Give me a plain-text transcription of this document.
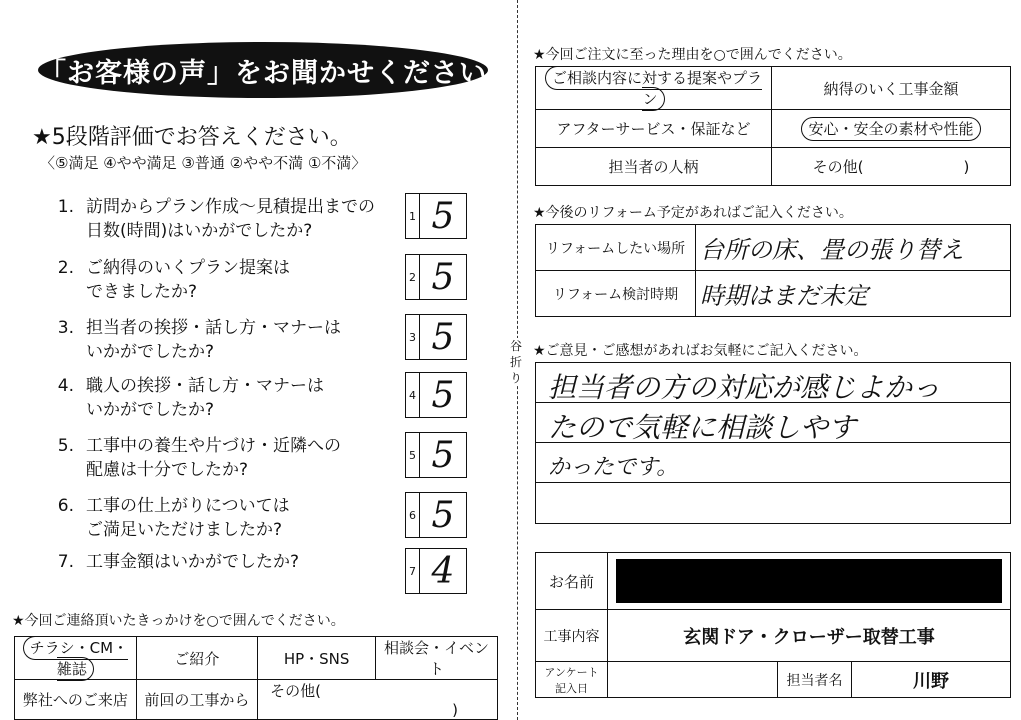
「お客様の声」をお聞かせください
★5段階評価でお答えください。
〈⑤満足 ④やや満足 ③普通 ②やや不満 ①不満〉
1. 訪問からプラン作成〜見積提出までの
日数(時間)はいかがでしたか?
1 5
2. ご納得のいくプラン提案は
できましたか?
2 5
3. 担当者の挨拶・話し方・マナーは
いかがでしたか?
3 5
4. 職人の挨拶・話し方・マナーは
いかがでしたか?
4 5
5. 工事中の養生や片づけ・近隣への
配慮は十分でしたか?
5 5
6. 工事の仕上がりについては
ご満足いただけましたか?
6 5
7. 工事金額はいかがでしたか?	7 4
★今回ご連絡頂いたきっかけを○で囲んでください。
チラシ・CM・雑誌	ご紹介	HP・SNS	相談会・イベント
弊社へのご来店	前回の工事から	その他( )	
谷
折
り
★今回ご注文に至った理由を○で囲んでください。
ご相談内容に対する提案やプラン	納得のいく工事金額
アフターサービス・保証など	安心・安全の素材や性能
担当者の人柄	その他( )
★今後のリフォーム予定があればご記入ください。
リフォームしたい場所	台所の床、畳の張り替え
リフォーム検討時期	時期はまだ未定
★ご意見・ご感想があればお気軽にご記入ください。
担当者の方の対応が感じよかっ
たので気軽に相談しやす
かったです。
お名前			

工事内容	玄関ドア・クローザー取替工事		
アンケート記入日		担当者名	川野
